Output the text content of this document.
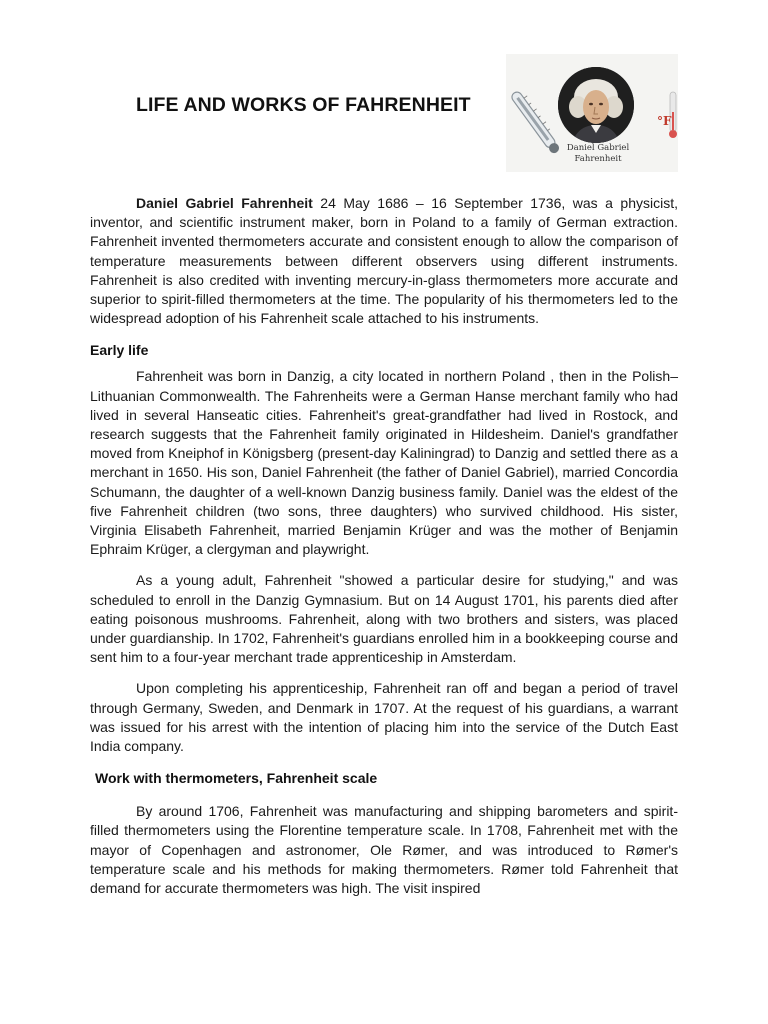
LIFE AND WORKS OF FAHRENHEIT
Daniel Gabriel
Fahrenheit
°F

Daniel Gabriel Fahrenheit 24 May 1686 – 16 September 1736, was a physicist, inventor, and scientific instrument maker, born in Poland to a family of German extraction. Fahrenheit invented thermometers accurate and consistent enough to allow the comparison of temperature measurements between different observers using different instruments. Fahrenheit is also credited with inventing mercury-in-glass thermometers more accurate and superior to spirit-filled thermometers at the time. The popularity of his thermometers led to the widespread adoption of his Fahrenheit scale attached to his instruments.

Early life

Fahrenheit was born in Danzig, a city located in northern Poland , then in the Polish–Lithuanian Commonwealth. The Fahrenheits were a German Hanse merchant family who had lived in several Hanseatic cities. Fahrenheit's great-grandfather had lived in Rostock, and research suggests that the Fahrenheit family originated in Hildesheim. Daniel's grandfather moved from Kneiphof in Königsberg (present-day Kaliningrad) to Danzig and settled there as a merchant in 1650. His son, Daniel Fahrenheit (the father of Daniel Gabriel), married Concordia Schumann, the daughter of a well-known Danzig business family. Daniel was the eldest of the five Fahrenheit children (two sons, three daughters) who survived childhood. His sister, Virginia Elisabeth Fahrenheit, married Benjamin Krüger and was the mother of Benjamin Ephraim Krüger, a clergyman and playwright.

As a young adult, Fahrenheit "showed a particular desire for studying," and was scheduled to enroll in the Danzig Gymnasium. But on 14 August 1701, his parents died after eating poisonous mushrooms. Fahrenheit, along with two brothers and sisters, was placed under guardianship. In 1702, Fahrenheit's guardians enrolled him in a bookkeeping course and sent him to a four-year merchant trade apprenticeship in Amsterdam.

Upon completing his apprenticeship, Fahrenheit ran off and began a period of travel through Germany, Sweden, and Denmark in 1707. At the request of his guardians, a warrant was issued for his arrest with the intention of placing him into the service of the Dutch East India company.

Work with thermometers, Fahrenheit scale

By around 1706, Fahrenheit was manufacturing and shipping barometers and spirit-filled thermometers using the Florentine temperature scale. In 1708, Fahrenheit met with the mayor of Copenhagen and astronomer, Ole Rømer, and was introduced to Rømer's temperature scale and his methods for making thermometers. Rømer told Fahrenheit that demand for accurate thermometers was high. The visit inspired
